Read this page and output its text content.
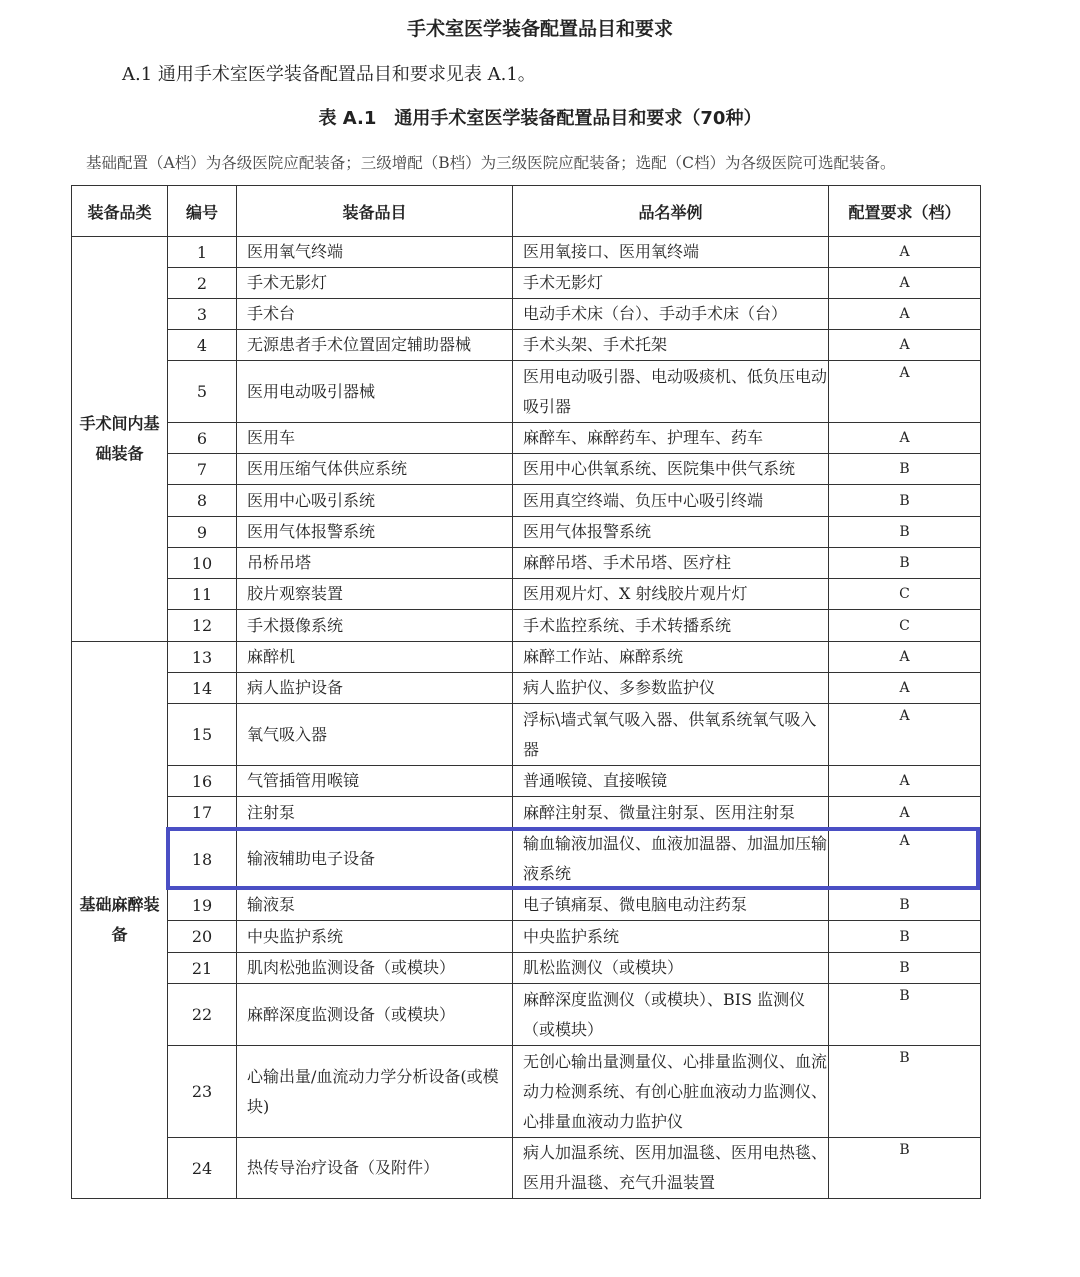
手术室医学装备配置品目和要求
A.1 通用手术室医学装备配置品目和要求见表 A.1。
表 A.1　通用手术室医学装备配置品目和要求（70种）
基础配置（A档）为各级医院应配装备；三级增配（B档）为三级医院应配装备；选配（C档）为各级医院可选配装备。
装备品类	编号	装备品目	品名举例	配置要求（档）
手术间内基础装备	1	医用氧气终端	医用氧接口、医用氧终端	A
	2	手术无影灯	手术无影灯	A
	3	手术台	电动手术床（台）、手动手术床（台）	A
	4	无源患者手术位置固定辅助器械	手术头架、手术托架	A
	5	医用电动吸引器械	医用电动吸引器、电动吸痰机、低负压电动吸引器	A
	6	医用车	麻醉车、麻醉药车、护理车、药车	A
	7	医用压缩气体供应系统	医用中心供氧系统、医院集中供气系统	B
	8	医用中心吸引系统	医用真空终端、负压中心吸引终端	B
	9	医用气体报警系统	医用气体报警系统	B
	10	吊桥吊塔	麻醉吊塔、手术吊塔、医疗柱	B
	11	胶片观察装置	医用观片灯、X 射线胶片观片灯	C
	12	手术摄像系统	手术监控系统、手术转播系统	C
基础麻醉装备	13	麻醉机	麻醉工作站、麻醉系统	A
	14	病人监护设备	病人监护仪、多参数监护仪	A
	15	氧气吸入器	浮标\墙式氧气吸入器、供氧系统氧气吸入器	A
	16	气管插管用喉镜	普通喉镜、直接喉镜	A
	17	注射泵	麻醉注射泵、微量注射泵、医用注射泵	A
	18	输液辅助电子设备	输血输液加温仪、血液加温器、加温加压输液系统	A
	19	输液泵	电子镇痛泵、微电脑电动注药泵	B
	20	中央监护系统	中央监护系统	B
	21	肌肉松弛监测设备（或模块）	肌松监测仪（或模块）	B
	22	麻醉深度监测设备（或模块）	麻醉深度监测仪（或模块）、BIS 监测仪（或模块）	B
	23	心输出量/血流动力学分析设备(或模块)	无创心输出量测量仪、心排量监测仪、血流动力检测系统、有创心脏血液动力监测仪、心排量血液动力监护仪	B
	24	热传导治疗设备（及附件）	病人加温系统、医用加温毯、医用电热毯、医用升温毯、充气升温装置	B
